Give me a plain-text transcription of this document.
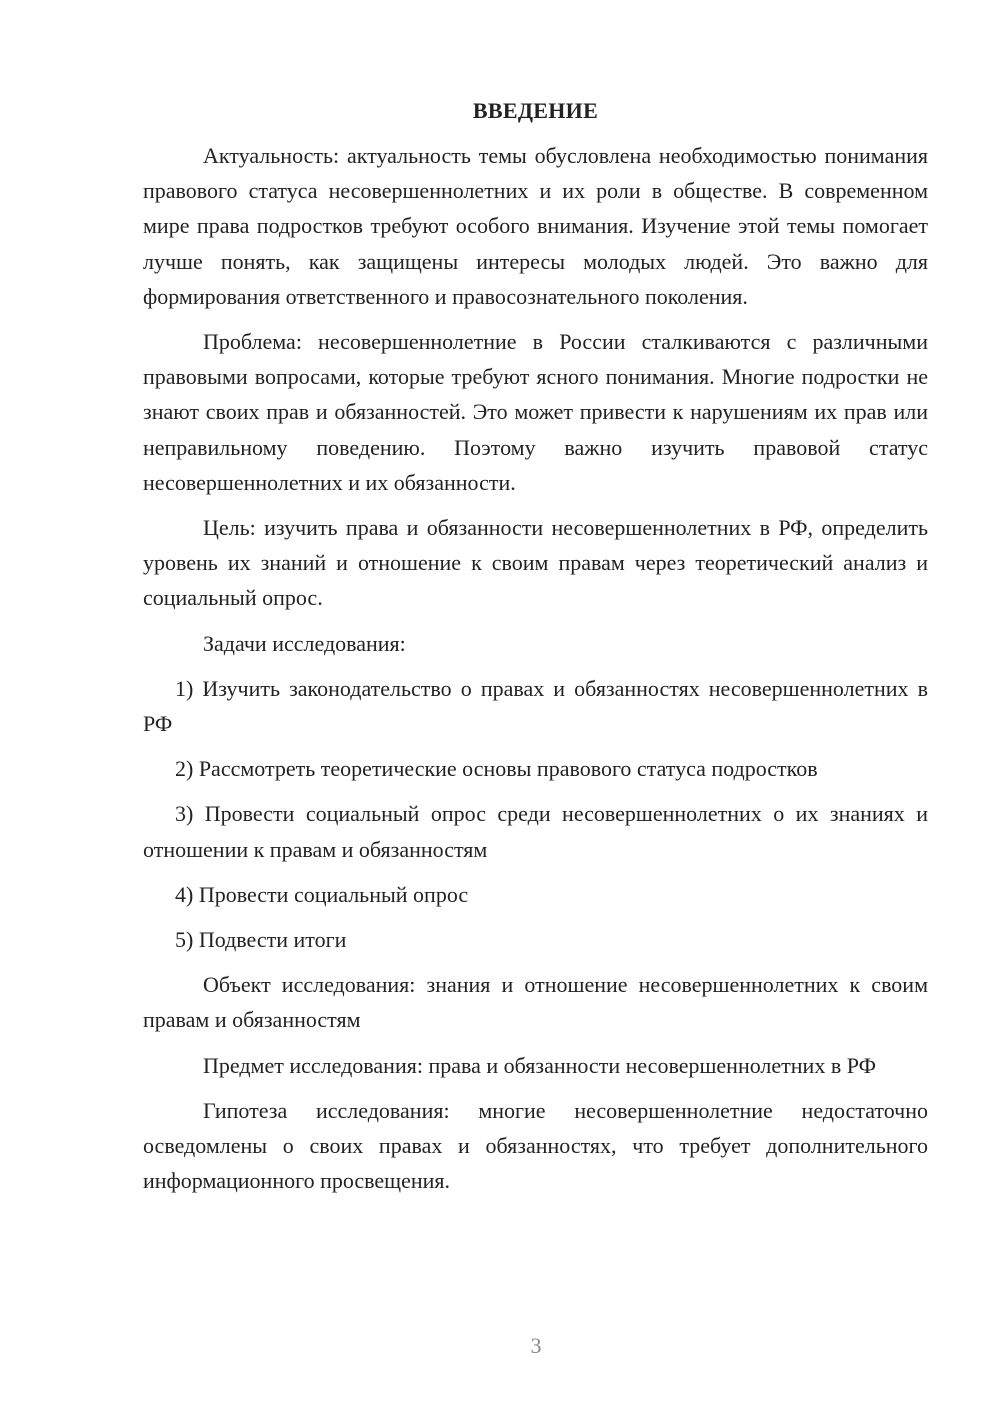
ВВЕДЕНИЕ

Актуальность: актуальность темы обусловлена необходимостью понимания правового статуса несовершеннолетних и их роли в обществе. В современном мире права подростков требуют особого внимания. Изучение этой темы помогает лучше понять, как защищены интересы молодых людей. Это важно для формирования ответственного и правосознательного поколения.

Проблема: несовершеннолетние в России сталкиваются с различными правовыми вопросами, которые требуют ясного понимания. Многие подростки не знают своих прав и обязанностей. Это может привести к нарушениям их прав или неправильному поведению. Поэтому важно изучить правовой статус несовершеннолетних и их обязанности.

Цель: изучить права и обязанности несовершеннолетних в РФ, определить уровень их знаний и отношение к своим правам через теоретический анализ и социальный опрос.

Задачи исследования:

1) Изучить законодательство о правах и обязанностях несовершеннолетних в РФ

2) Рассмотреть теоретические основы правового статуса подростков

3) Провести социальный опрос среди несовершеннолетних о их знаниях и отношении к правам и обязанностям

4) Провести социальный опрос

5) Подвести итоги

Объект исследования: знания и отношение несовершеннолетних к своим правам и обязанностям

Предмет исследования: права и обязанности несовершеннолетних в РФ

Гипотеза исследования: многие несовершеннолетние недостаточно осведомлены о своих правах и обязанностях, что требует дополнительного информационного просвещения.

3
